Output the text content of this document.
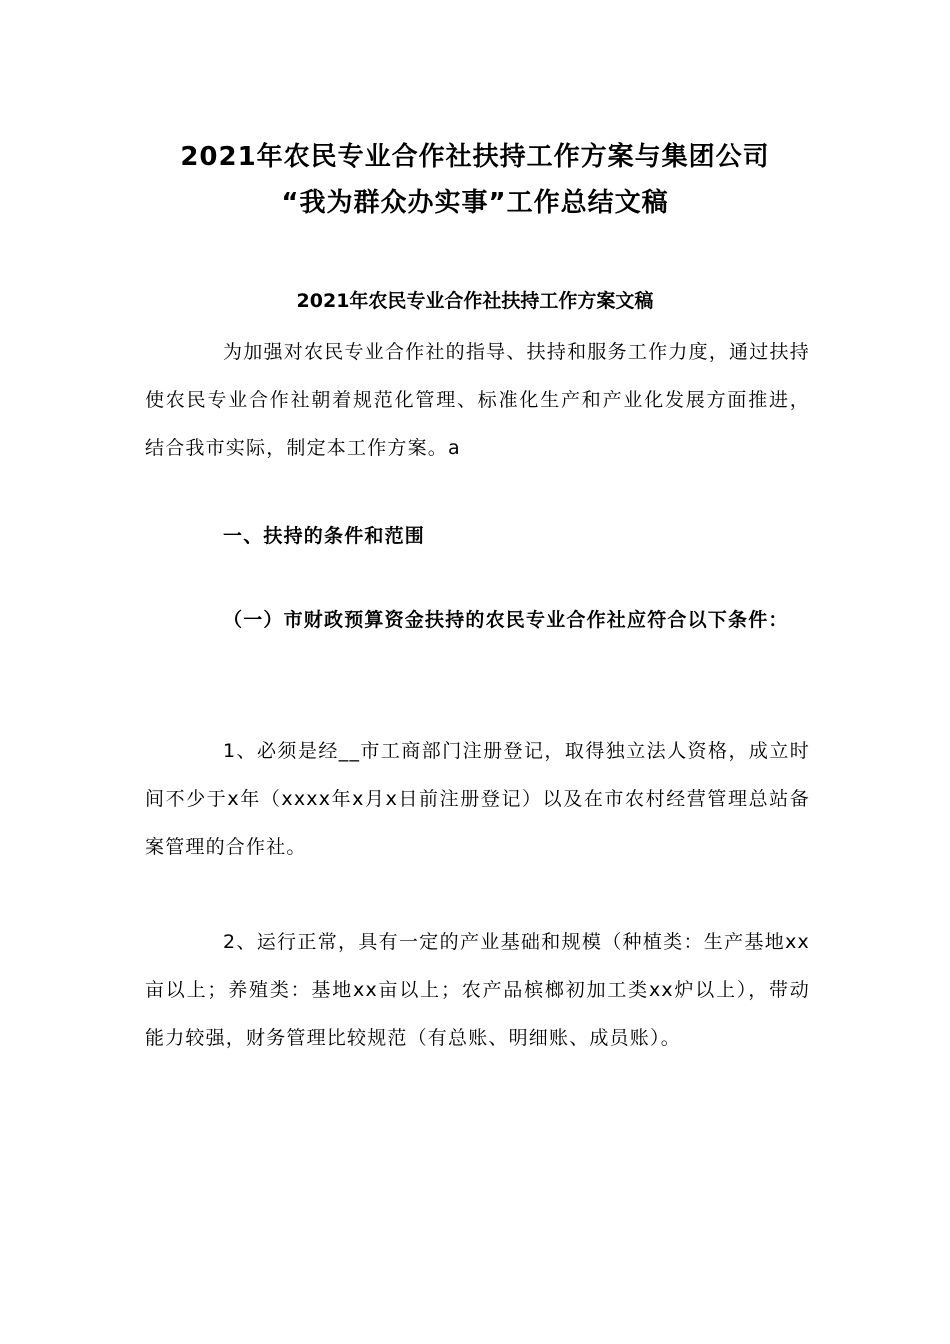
2021年农民专业合作社扶持工作方案与集团公司
“我为群众办实事”工作总结文稿
2021年农民专业合作社扶持工作方案文稿
为加强对农民专业合作社的指导、扶持和服务工作力度，通过扶持使农民专业合作社朝着规范化管理、标准化生产和产业化发展方面推进，结合我市实际，制定本工作方案。a
一、扶持的条件和范围
（一）市财政预算资金扶持的农民专业合作社应符合以下条件：
1、必须是经__市工商部门注册登记，取得独立法人资格，成立时间不少于x年（xxxx年x月x日前注册登记）以及在市农村经营管理总站备案管理的合作社。
2、运行正常，具有一定的产业基础和规模（种植类：生产基地xx亩以上；养殖类：基地xx亩以上；农产品槟榔初加工类xx炉以上），带动能力较强，财务管理比较规范（有总账、明细账、成员账）。
